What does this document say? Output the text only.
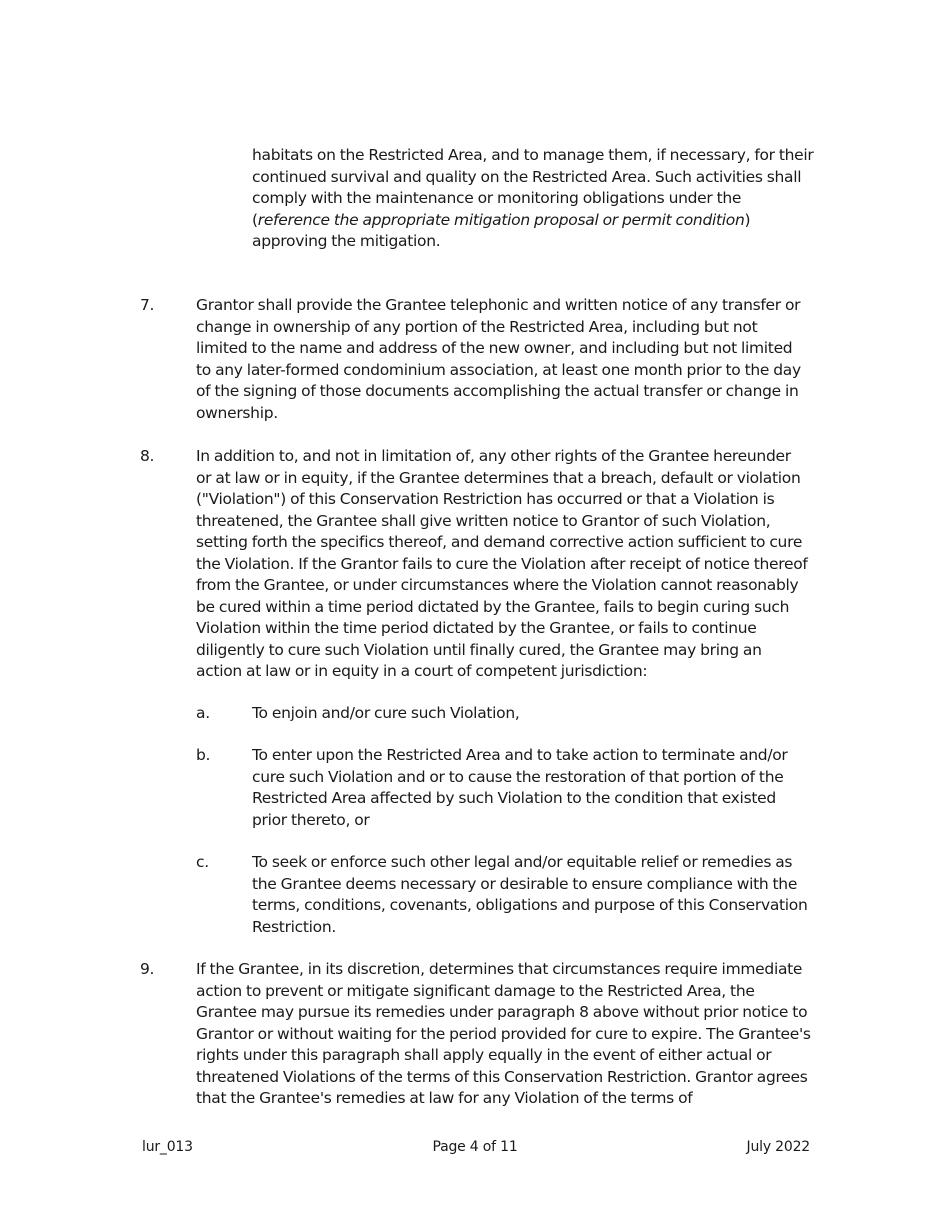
habitats on the Restricted Area, and to manage them, if necessary, for their continued survival and quality on the Restricted Area. Such activities shall comply with the maintenance or monitoring obligations under the (reference the appropriate mitigation proposal or permit condition) approving the mitigation.
7.	Grantor shall provide the Grantee telephonic and written notice of any transfer or change in ownership of any portion of the Restricted Area, including but not limited to the name and address of the new owner, and including but not limited to any later-formed condominium association, at least one month prior to the day of the signing of those documents accomplishing the actual transfer or change in ownership.
8.	In addition to, and not in limitation of, any other rights of the Grantee hereunder or at law or in equity, if the Grantee determines that a breach, default or violation ("Violation") of this Conservation Restriction has occurred or that a Violation is threatened, the Grantee shall give written notice to Grantor of such Violation, setting forth the specifics thereof, and demand corrective action sufficient to cure the Violation. If the Grantor fails to cure the Violation after receipt of notice thereof from the Grantee, or under circumstances where the Violation cannot reasonably be cured within a time period dictated by the Grantee, fails to begin curing such Violation within the time period dictated by the Grantee, or fails to continue diligently to cure such Violation until finally cured, the Grantee may bring an action at law or in equity in a court of competent jurisdiction:
a.	To enjoin and/or cure such Violation,
b.	To enter upon the Restricted Area and to take action to terminate and/or cure such Violation and or to cause the restoration of that portion of the Restricted Area affected by such Violation to the condition that existed prior thereto, or
c.	To seek or enforce such other legal and/or equitable relief or remedies as the Grantee deems necessary or desirable to ensure compliance with the terms, conditions, covenants, obligations and purpose of this Conservation Restriction.
9.	If the Grantee, in its discretion, determines that circumstances require immediate action to prevent or mitigate significant damage to the Restricted Area, the Grantee may pursue its remedies under paragraph 8 above without prior notice to Grantor or without waiting for the period provided for cure to expire. The Grantee's rights under this paragraph shall apply equally in the event of either actual or threatened Violations of the terms of this Conservation Restriction. Grantor agrees that the Grantee's remedies at law for any Violation of the terms of
lur_013	Page 4 of 11	July 2022
